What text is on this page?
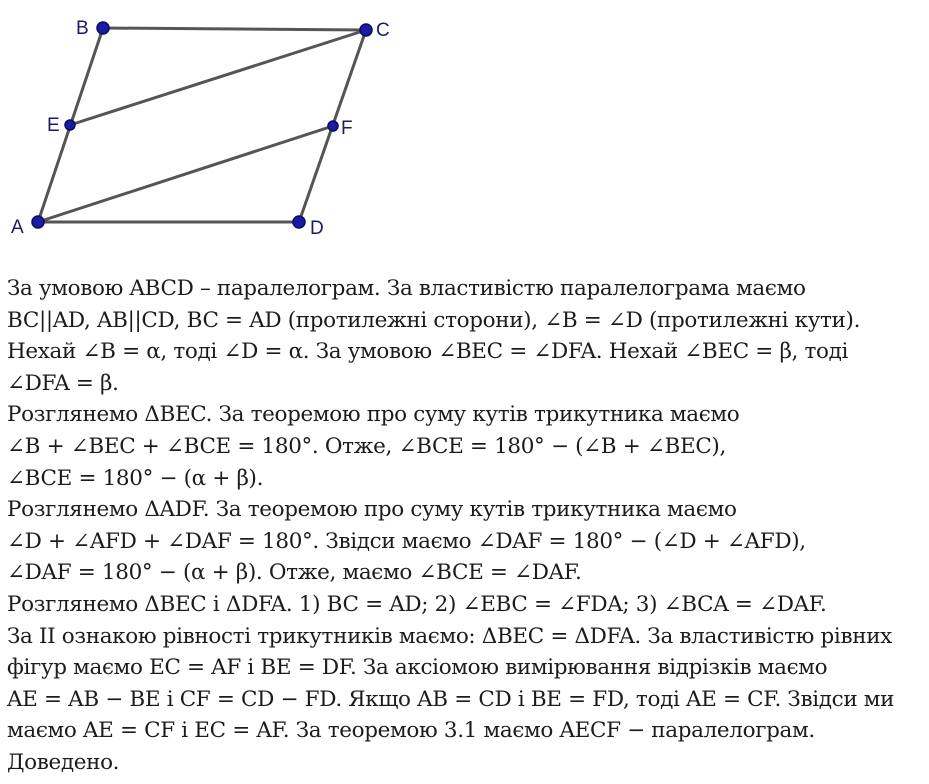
A
B	C
D
E	F
За умовою ABCD – паралелограм. За властивістю паралелограма маємо
BC||AD, AB||CD, BC = AD (протилежні сторони), ∠B = ∠D (протилежні кути).
Нехай ∠B = α, тоді ∠D = α. За умовою ∠BEC = ∠DFA. Нехай ∠BEC = β, тоді
∠DFA = β.
Розглянемо ΔBEC. За теоремою про суму кутів трикутника маємо
∠B + ∠BEC + ∠BCE = 180°. Отже, ∠BCE = 180° − (∠B + ∠BEC),
∠BCE = 180° − (α + β).
Розглянемо ΔADF. За теоремою про суму кутів трикутника маємо
∠D + ∠AFD + ∠DAF = 180°. Звідси маємо ∠DAF = 180° − (∠D + ∠AFD),
∠DAF = 180° − (α + β). Отже, маємо ∠BCE = ∠DAF.
Розглянемо ΔBEC і ΔDFA. 1) BC = AD; 2) ∠EBC = ∠FDA; 3) ∠BCA = ∠DAF.
За ІІ ознакою рівності трикутників маємо: ΔBEC = ΔDFA. За властивістю рівних
фігур маємо EC = AF і BE = DF. За аксіомою вимірювання відрізків маємо
AE = AB − BE і CF = CD − FD. Якщо AB = CD і BE = FD, тоді AE = CF. Звідси ми
маємо AE = CF і EC = AF. За теоремою 3.1 маємо AECF − паралелограм.
Доведено.
